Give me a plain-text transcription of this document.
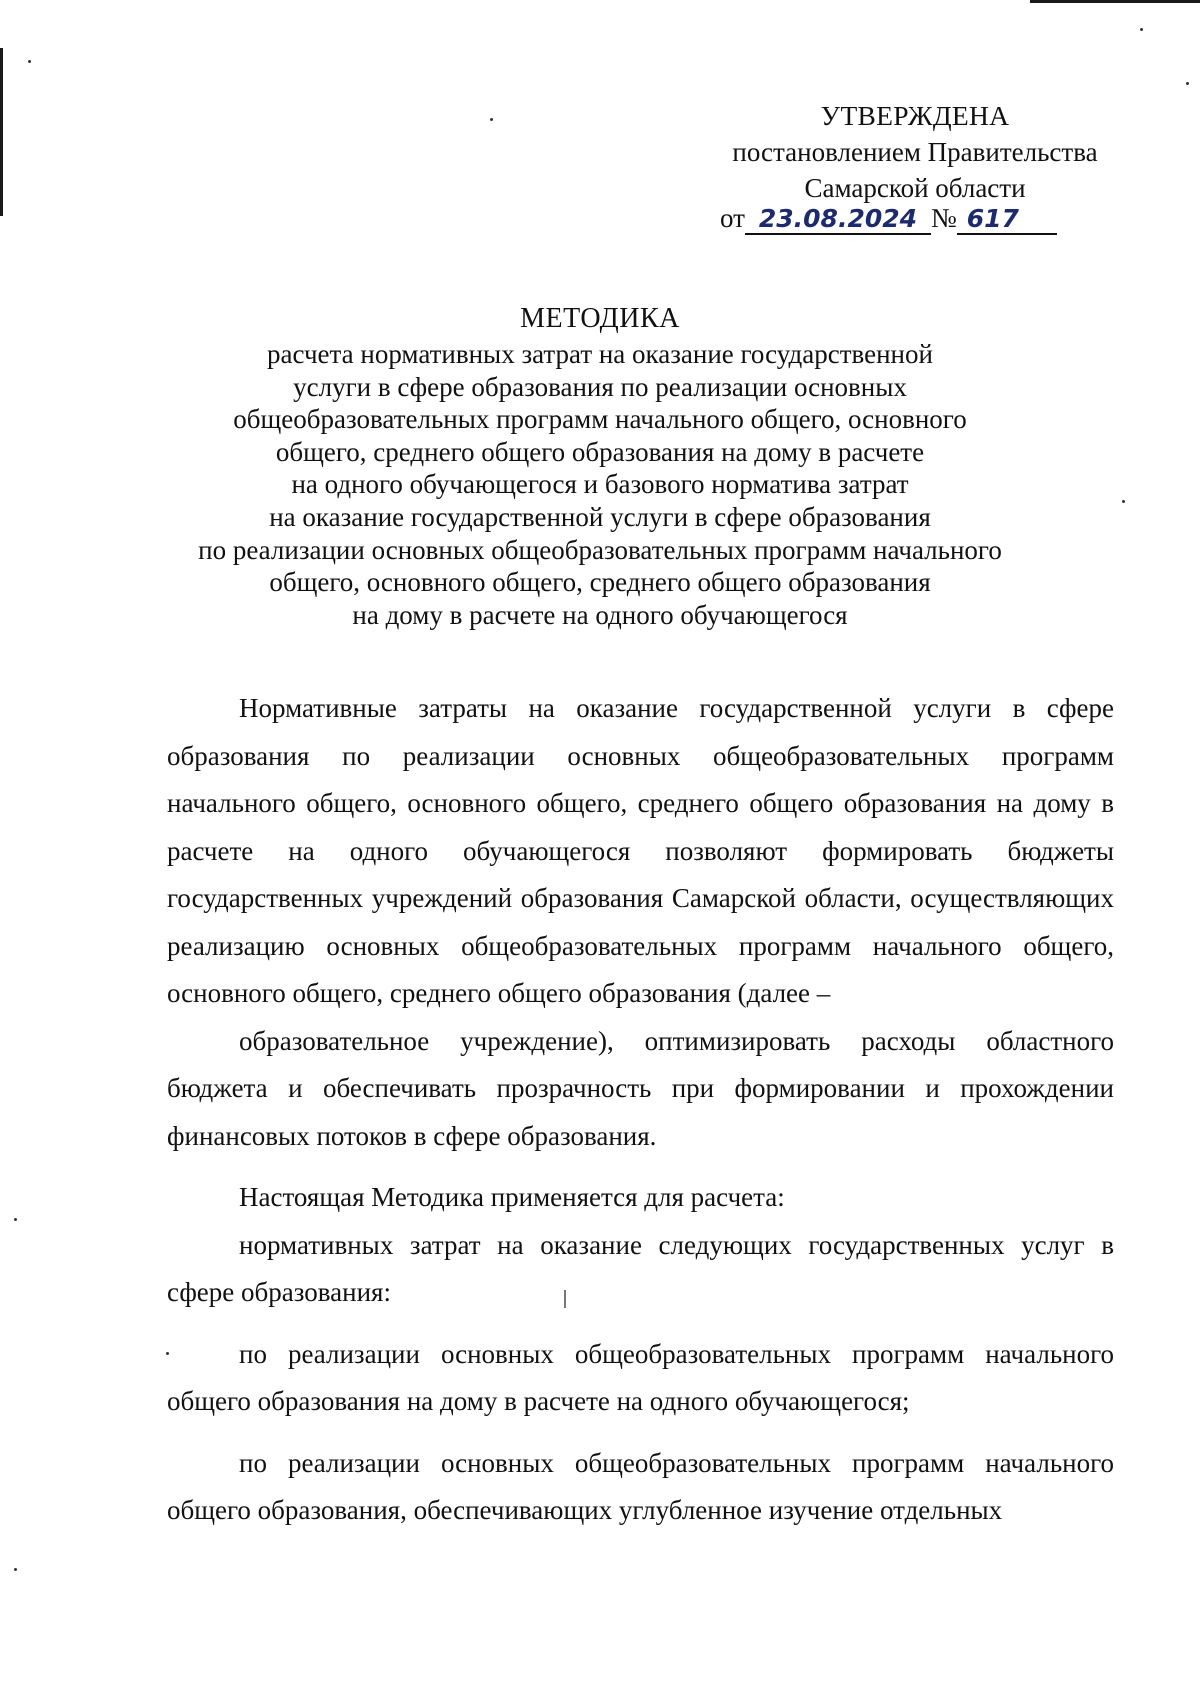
УТВЕРЖДЕНА
постановлением Правительства
Самарской области
от 23.08.2024 № 617
МЕТОДИКА
расчета нормативных затрат на оказание государственной
услуги в сфере образования по реализации основных
общеобразовательных программ начального общего, основного
общего, среднего общего образования на дому в расчете
на одного обучающегося и базового норматива затрат
на оказание государственной услуги в сфере образования
по реализации основных общеобразовательных программ начального
общего, основного общего, среднего общего образования
на дому в расчете на одного обучающегося

Нормативные затраты на оказание государственной услуги в сфере образования по реализации основных общеобразовательных программ начального общего, основного общего, среднего общего образования на дому в расчете на одного обучающегося позволяют формировать бюджеты государственных учреждений образования Самарской области, осуществляющих реализацию основных общеобразовательных программ начального общего, основного общего, среднего общего образования (далее –

образовательное учреждение), оптимизировать расходы областного бюджета и обеспечивать прозрачность при формировании и прохождении финансовых потоков в сфере образования.

Настоящая Методика применяется для расчета:

нормативных затрат на оказание следующих государственных услуг в сфере образования:

по реализации основных общеобразовательных программ начального общего образования на дому в расчете на одного обучающегося;

по реализации основных общеобразовательных программ начального общего образования, обеспечивающих углубленное изучение отдельных
